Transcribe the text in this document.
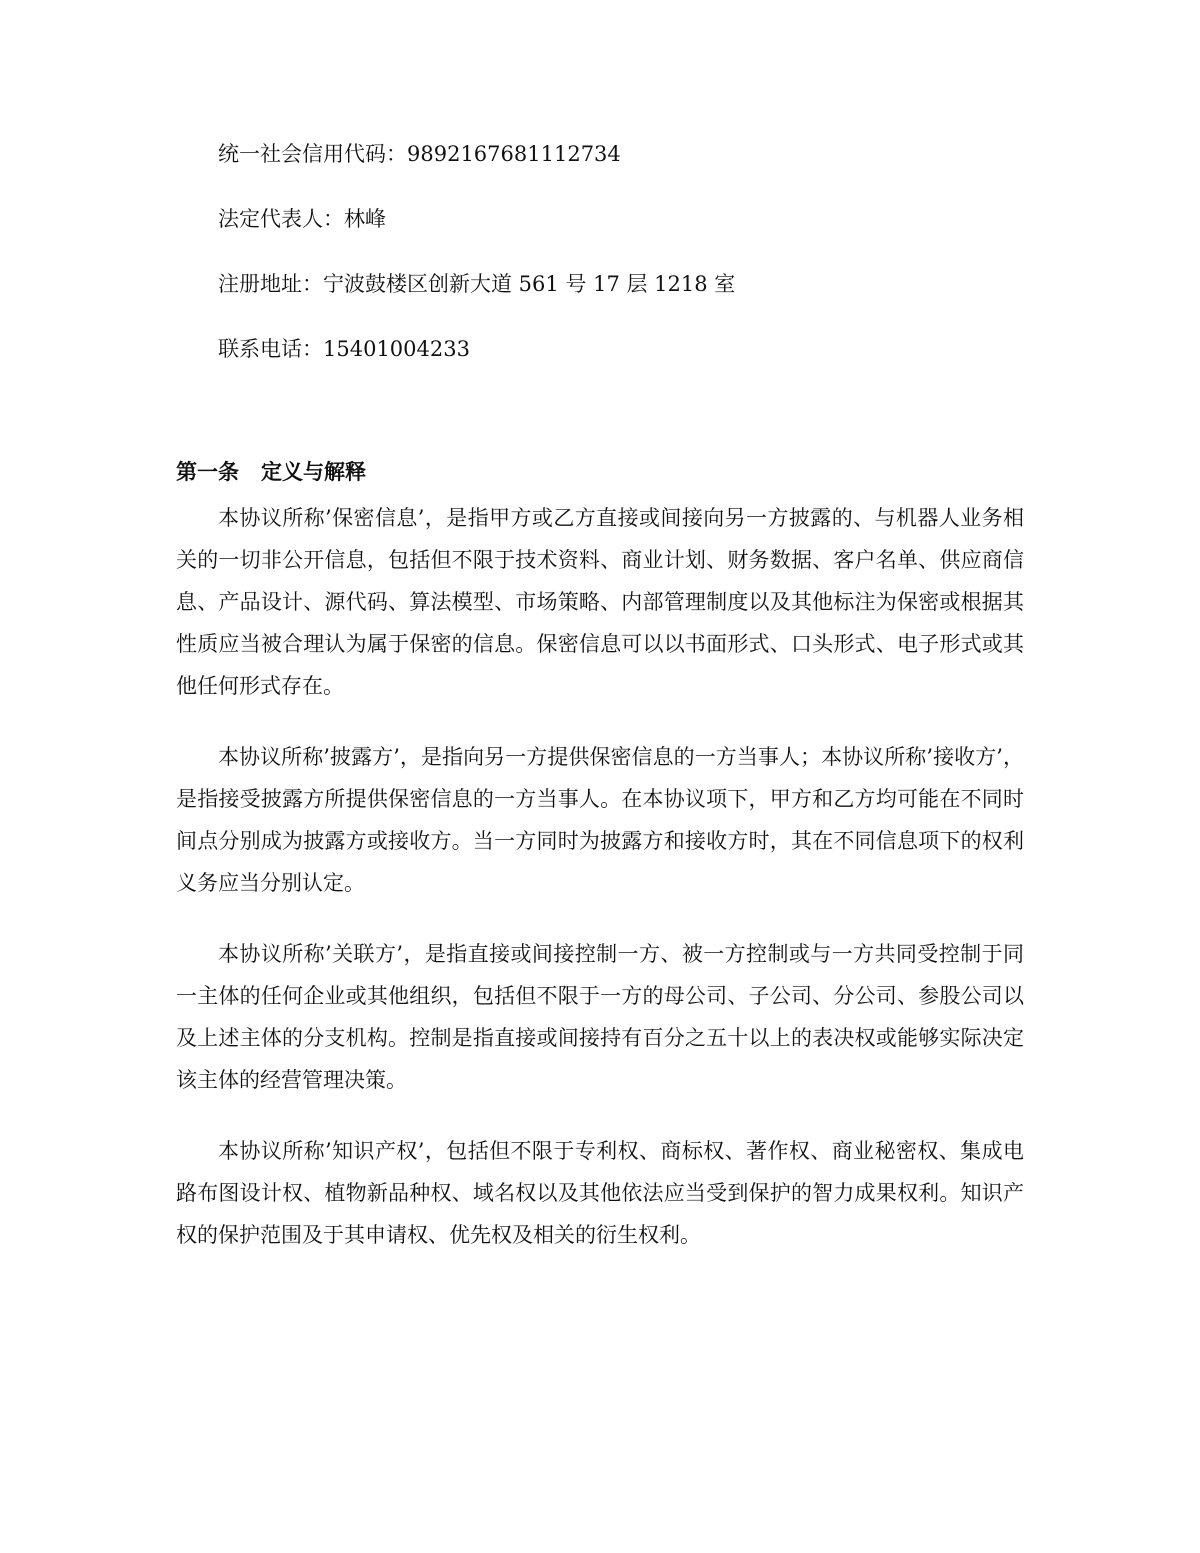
统一社会信用代码：9892167681112734
法定代表人：林峰
注册地址：宁波鼓楼区创新大道 561 号 17 层 1218 室
联系电话：15401004233
第一条 定义与解释

本协议所称’保密信息’，是指甲方或乙方直接或间接向另一方披露的、与机器人业务相关的一切非公开信息，包括但不限于技术资料、商业计划、财务数据、客户名单、供应商信息、产品设计、源代码、算法模型、市场策略、内部管理制度以及其他标注为保密或根据其性质应当被合理认为属于保密的信息。保密信息可以以书面形式、口头形式、电子形式或其他任何形式存在。

本协议所称’披露方’，是指向另一方提供保密信息的一方当事人；本协议所称’接收方’，是指接受披露方所提供保密信息的一方当事人。在本协议项下，甲方和乙方均可能在不同时间点分别成为披露方或接收方。当一方同时为披露方和接收方时，其在不同信息项下的权利义务应当分别认定。

本协议所称’关联方’，是指直接或间接控制一方、被一方控制或与一方共同受控制于同一主体的任何企业或其他组织，包括但不限于一方的母公司、子公司、分公司、参股公司以及上述主体的分支机构。控制是指直接或间接持有百分之五十以上的表决权或能够实际决定该主体的经营管理决策。

本协议所称’知识产权’，包括但不限于专利权、商标权、著作权、商业秘密权、集成电路布图设计权、植物新品种权、域名权以及其他依法应当受到保护的智力成果权利。知识产权的保护范围及于其申请权、优先权及相关的衍生权利。
